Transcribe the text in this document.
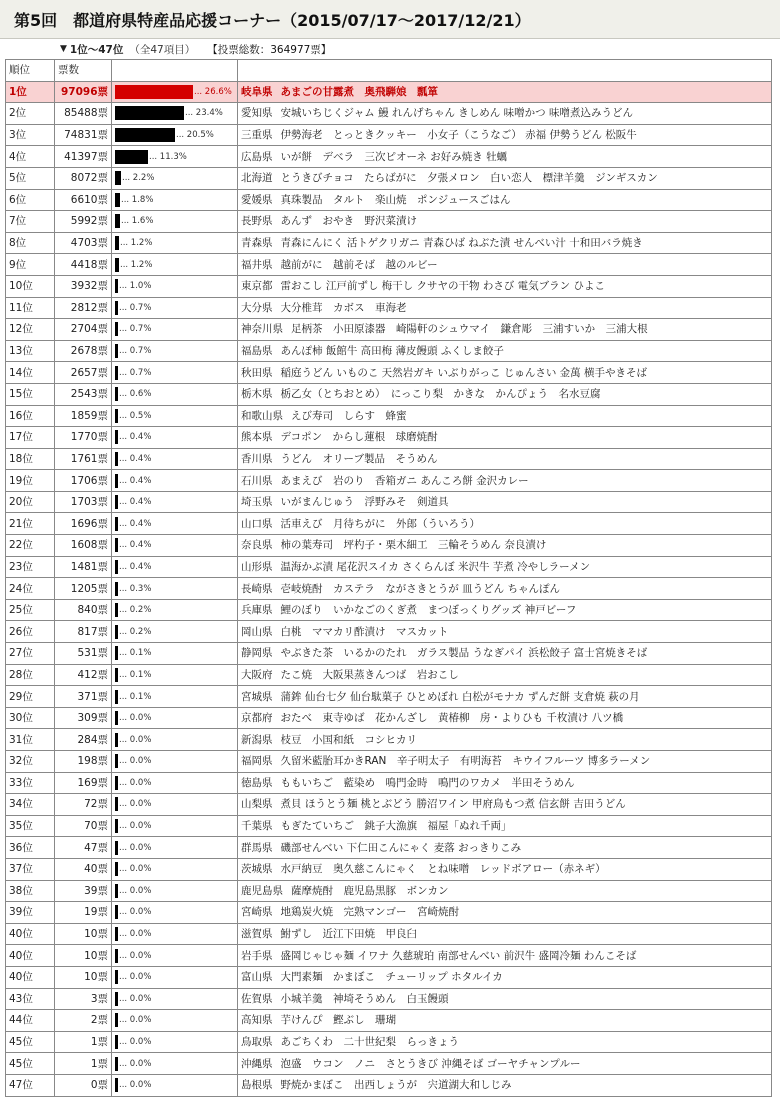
第5回　都道府県特産品応援コーナー（2015/07/17〜2017/12/21）
▼ 1位〜47位 （全47項目） 【投票総数：364977票】
順位	票数		
1位	97096票	... 26.6%	岐阜県 あまごの甘露煮　奥飛騨娘　瓢箪
2位	85488票	... 23.4%	愛知県 安城いちじくジャム 鰻 れんげちゃん きしめん 味噌かつ 味噌煮込みうどん
3位	74831票	... 20.5%	三重県 伊勢海老　とっときクッキー　小女子（こうなご） 赤福 伊勢うどん 松阪牛
4位	41397票	... 11.3%	広島県 いが餅　デベラ　三次ピオーネ お好み焼き 牡蠣
5位	8072票	... 2.2%	北海道 とうきびチョコ　たらばがに　夕張メロン　白い恋人　標津羊羹　ジンギスカン
6位	6610票	... 1.8%	愛媛県 真珠製品　タルト　楽山焼　ポンジュースごはん
7位	5992票	... 1.6%	長野県 あんず　おやき　野沢菜漬け
8位	4703票	... 1.2%	青森県 青森にんにく 活トゲクリガニ 青森ひば ねぶた漬 せんべい汁 十和田バラ焼き
9位	4418票	... 1.2%	福井県 越前がに　越前そば　越のルビー
10位	3932票	... 1.0%	東京都 雷おこし 江戸前ずし 梅干し クサヤの干物 わさび 電気ブラン ひよこ
11位	2812票	... 0.7%	大分県 大分椎茸　カボス　車海老
12位	2704票	... 0.7%	神奈川県 足柄茶　小田原漆器　崎陽軒のシュウマイ　鎌倉彫　三浦すいか　三浦大根
13位	2678票	... 0.7%	福島県 あんぽ柿 飯館牛 高田梅 薄皮饅頭 ふくしま餃子
14位	2657票	... 0.7%	秋田県 稲庭うどん いものこ 天然岩ガキ いぶりがっこ じゅんさい 金萬 横手やきそば
15位	2543票	... 0.6%	栃木県 栃乙女（とちおとめ）　にっこり梨　かきな　かんぴょう　名水豆腐
16位	1859票	... 0.5%	和歌山県 えび寿司　しらす　蜂蜜
17位	1770票	... 0.4%	熊本県 デコポン　からし蓮根　球磨焼酎
18位	1761票	... 0.4%	香川県 うどん　オリーブ製品　そうめん
19位	1706票	... 0.4%	石川県 あまえび　岩のり　香箱ガニ あんころ餅 金沢カレー
20位	1703票	... 0.4%	埼玉県 いがまんじゅう　浮野みそ　剣道具
21位	1696票	... 0.4%	山口県 活車えび　月待ちがに　外郎（ういろう）
22位	1608票	... 0.4%	奈良県 柿の葉寿司　坪杓子・栗木細工　三輪そうめん 奈良漬け
23位	1481票	... 0.4%	山形県 温海かぶ漬 尾花沢スイカ さくらんぼ 米沢牛 芋煮 冷やしラーメン
24位	1205票	... 0.3%	長崎県 壱岐焼酎　カステラ　ながさきとうが 皿うどん ちゃんぽん
25位	840票	... 0.2%	兵庫県 鯉のぼり　いかなごのくぎ煮　まつぼっくりグッズ 神戸ビーフ
26位	817票	... 0.2%	岡山県 白桃　ママカリ酢漬け　マスカット
27位	531票	... 0.1%	静岡県 やぶきた茶　いるかのたれ　ガラス製品 うなぎパイ 浜松餃子 富士宮焼きそば
28位	412票	... 0.1%	大阪府 たこ焼　大阪果蒸きんつば　岩おこし
29位	371票	... 0.1%	宮城県 蒲鉾 仙台七夕 仙台駄菓子 ひとめぼれ 白松がモナカ ずんだ餅 支倉焼 萩の月
30位	309票	... 0.0%	京都府 おたべ　東寺ゆば　花かんざし　黄椿柳　房・よりひも 千枚漬け 八ツ橋
31位	284票	... 0.0%	新潟県 枝豆　小国和紙　コシヒカリ
32位	198票	... 0.0%	福岡県 久留米藍胎耳かきRAN　辛子明太子　有明海苔　キウイフルーツ 博多ラーメン
33位	169票	... 0.0%	徳島県 ももいちご　藍染め　鳴門金時　鳴門のワカメ　半田そうめん
34位	72票	... 0.0%	山梨県 煮貝 ほうとう麺 桃とぶどう 勝沼ワイン 甲府鳥もつ煮 信玄餅 吉田うどん
35位	70票	... 0.0%	千葉県 もぎたていちご　銚子大漁旗　福屋「ぬれ千両」
36位	47票	... 0.0%	群馬県 磯部せんべい 下仁田こんにゃく 麦落 おっきりこみ
37位	40票	... 0.0%	茨城県 水戸納豆　奥久慈こんにゃく　とね味噌　レッドボアロー（赤ネギ）
38位	39票	... 0.0%	鹿児島県 薩摩焼酎　鹿児島黒豚　ボンカン
39位	19票	... 0.0%	宮崎県 地鶏炭火焼　完熟マンゴー　宮崎焼酎
40位	10票	... 0.0%	滋賀県 鮒ずし　近江下田焼　甲良臼
40位	10票	... 0.0%	岩手県 盛岡じゃじゃ麺 イワナ 久慈琥珀 南部せんべい 前沢牛 盛岡冷麺 わんこそば
40位	10票	... 0.0%	富山県 大門素麺　かまぼこ　チューリップ ホタルイカ
43位	3票	... 0.0%	佐賀県 小城羊羹　神埼そうめん　白玉饅頭
44位	2票	... 0.0%	高知県 芋けんぴ　鰹ぶし　珊瑚
45位	1票	... 0.0%	鳥取県 あごちくわ　二十世紀梨　らっきょう
45位	1票	... 0.0%	沖縄県 泡盛　ウコン　ノニ　さとうきび 沖縄そば ゴーヤチャンプルー
47位	0票	... 0.0%	島根県 野焼かまぼこ　出西しょうが　宍道湖大和しじみ
